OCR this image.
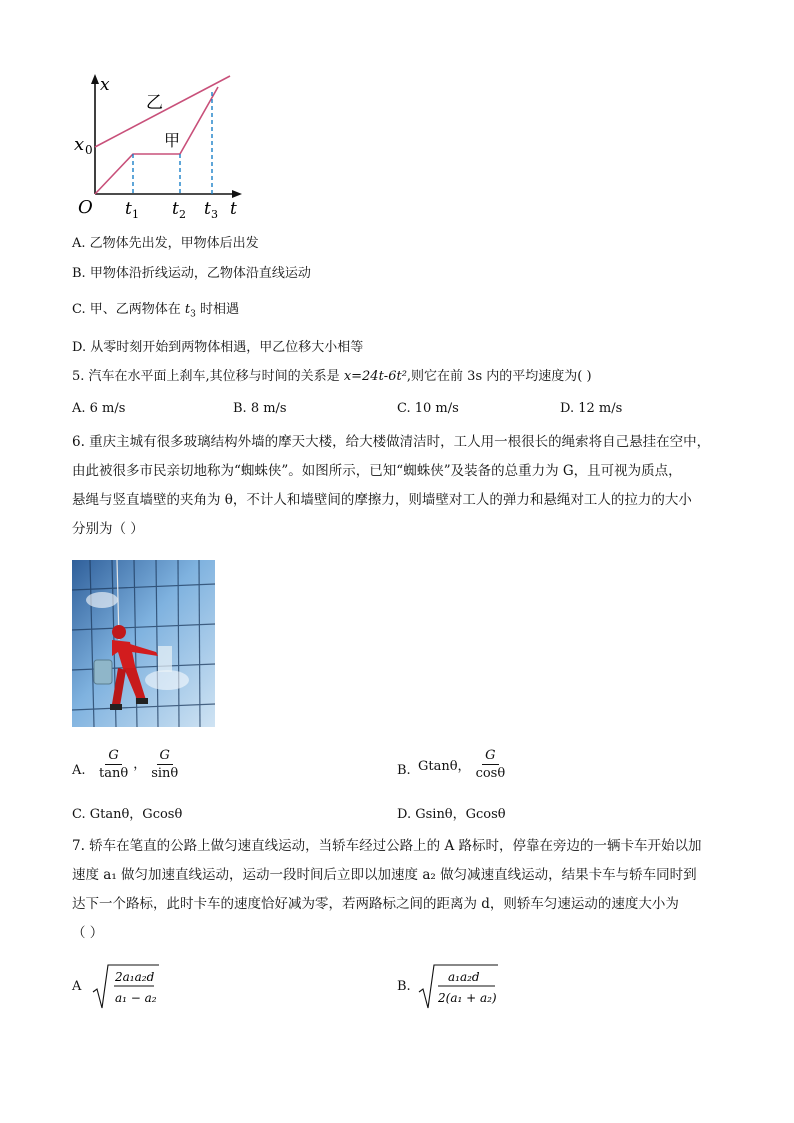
x
t
O
x 0
t 1 t 2 t 3
乙
甲
A. 乙物体先出发，甲物体后出发
B. 甲物体沿折线运动，乙物体沿直线运动
C. 甲、乙两物体在 $t_3$ 时相遇
D. 从零时刻开始到两物体相遇，甲乙位移大小相等
5. 汽车在水平面上刹车,其位移与时间的关系是 x=24t-6t²,则它在前 3s 内的平均速度为( )
A. 6 m/s	B. 8 m/s	C. 10 m/s	D. 12 m/s
6. 重庆主城有很多玻璃结构外墙的摩天大楼，给大楼做清洁时，工人用一根很长的绳索将自己悬挂在空中，
由此被很多市民亲切地称为“蜘蛛侠”。如图所示，已知“蜘蛛侠”及装备的总重力为 G，且可视为质点，
悬绳与竖直墙壁的夹角为 θ，不计人和墙壁间的摩擦力，则墙壁对工人的弹力和悬绳对工人的拉力的大小
分别为（ ）
A. $\frac{G}{\tan\theta}$ ， $\frac{G}{\sin\theta}$	B. Gtanθ， $\frac{G}{\cos\theta}$
C. Gtanθ，Gcosθ	D. Gsinθ，Gcosθ
7. 轿车在笔直的公路上做匀速直线运动，当轿车经过公路上的 A 路标时，停靠在旁边的一辆卡车开始以加
速度 a₁ 做匀加速直线运动，运动一段时间后立即以加速度 a₂ 做匀减速直线运动，结果卡车与轿车同时到
达下一个路标，此时卡车的速度恰好减为零，若两路标之间的距离为 d，则轿车匀速运动的速度大小为
（ ）
A
2a₁a₂d
a₁ − a₂
B.
a₁a₂d
2(a₁ + a₂)
